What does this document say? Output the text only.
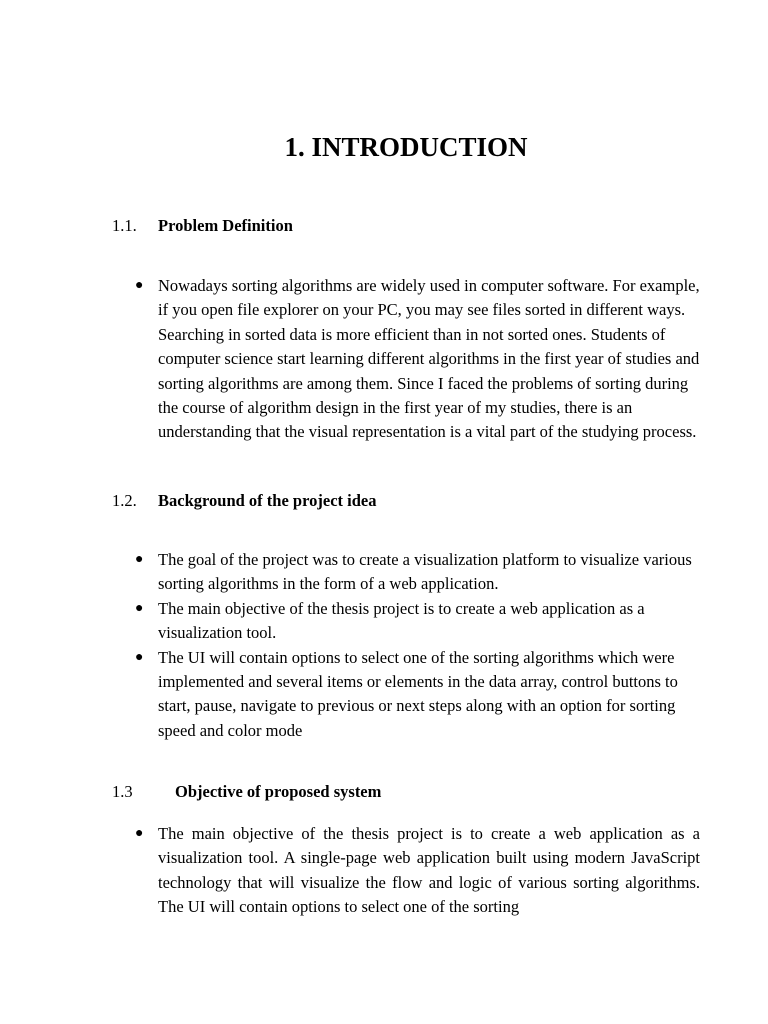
1. INTRODUCTION
1.1. Problem Definition
● Nowadays sorting algorithms are widely used in computer software. For example, if you open file explorer on your PC, you may see files sorted in different ways. Searching in sorted data is more efficient than in not sorted ones. Students of computer science start learning different algorithms in the first year of studies and sorting algorithms are among them. Since I faced the problems of sorting during the course of algorithm design in the first year of my studies, there is an understanding that the visual representation is a vital part of the studying process.
1.2. Background of the project idea
● The goal of the project was to create a visualization platform to visualize various sorting algorithms in the form of a web application.
● The main objective of the thesis project is to create a web application as a visualization tool.
● The UI will contain options to select one of the sorting algorithms which were implemented and several items or elements in the data array, control buttons to start, pause, navigate to previous or next steps along with an option for sorting speed and color mode
1.3	Objective of proposed system
● The main objective of the thesis project is to create a web application as a visualization tool. A single-page web application built using modern JavaScript technology that will visualize the flow and logic of various sorting algorithms. The UI will contain options to select one of the sorting
